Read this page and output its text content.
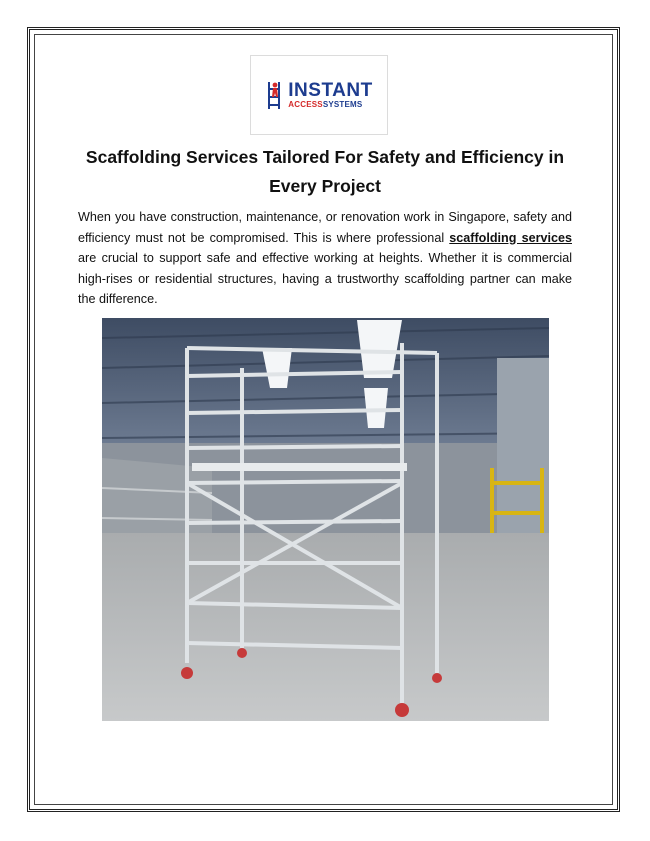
INSTANT
ACCESSSYSTEMS
Scaffolding Services Tailored For Safety and Efficiency in
Every Project

When you have construction, maintenance, or renovation work in Singapore, safety and efficiency must not be compromised. This is where professional scaffolding services are crucial to support safe and effective working at heights. Whether it is commercial high-rises or residential structures, having a trustworthy scaffolding partner can make the difference.
